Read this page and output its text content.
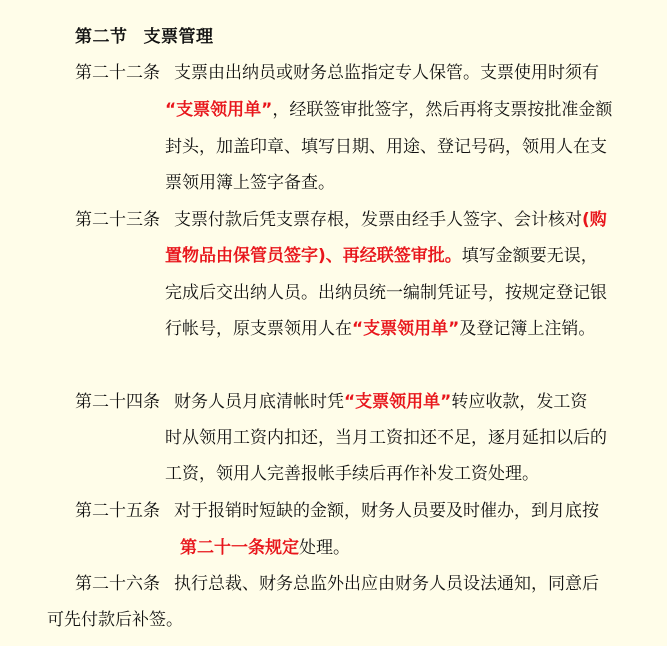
第二节 支票管理
第二十二条 支票由出纳员或财务总监指定专人保管。支票使用时须有
“支票领用单”，经联签审批签字，然后再将支票按批准金额
封头，加盖印章、填写日期、用途、登记号码，领用人在支
票领用簿上签字备查。
第二十三条 支票付款后凭支票存根，发票由经手人签字、会计核对(购
置物品由保管员签字)、再经联签审批。填写金额要无误，
完成后交出纳人员。出纳员统一编制凭证号，按规定登记银
行帐号，原支票领用人在“支票领用单”及登记簿上注销。
第二十四条 财务人员月底清帐时凭“支票领用单”转应收款，发工资
时从领用工资内扣还，当月工资扣还不足，逐月延扣以后的
工资，领用人完善报帐手续后再作补发工资处理。
第二十五条 对于报销时短缺的金额，财务人员要及时催办，到月底按
第二十一条规定处理。
第二十六条 执行总裁、财务总监外出应由财务人员设法通知，同意后
可先付款后补签。
